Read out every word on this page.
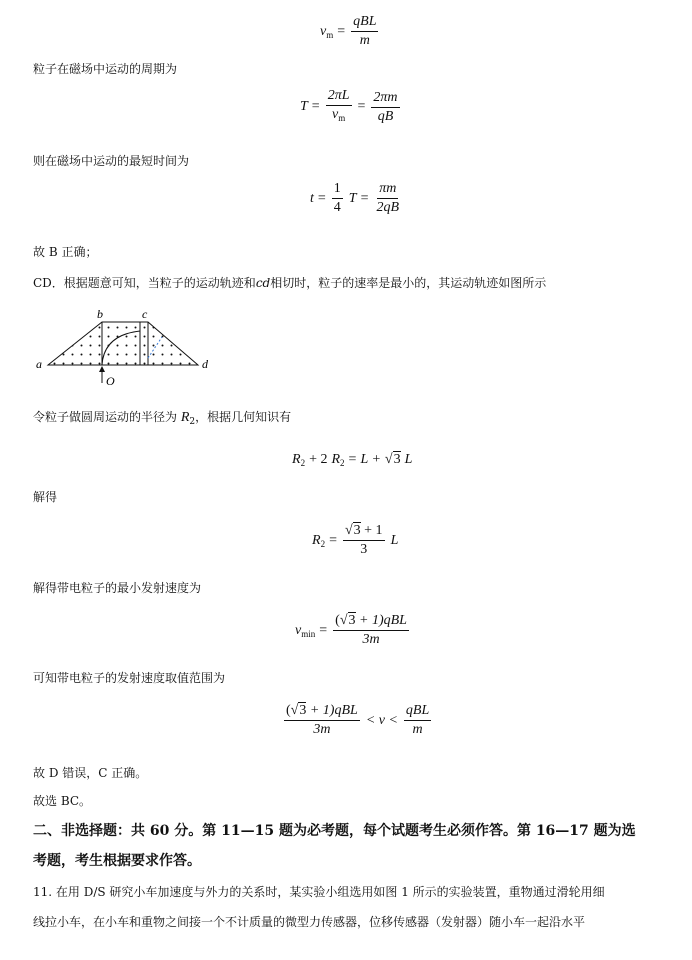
$v_m = \frac{\text{qBL}}{m}$
粒子在磁场中运动的周期为
$T = \frac{2\pi L}{v_m} = \frac{2\pi m}{qB}$
则在磁场中运动的最短时间为
$t = \frac{1}{4}$ $T = \frac{\pi m}{2qB}$
故 B 正确；
CD．根据题意可知，当粒子的运动轨迹和cd相切时，粒子的速率是最小的，其运动轨迹如图所示
a
b	c
d
O
令粒子做圆周运动的半径为 $R_2$，根据几何知识有
$R_2 + 2$ $R_2 = L + √3$ L
解得
$R_2 = \frac{√3 + 1}{3}$ L
解得带电粒子的最小发射速度为
$v_{min} = \frac{\text{(√3 + 1)qBL}}{3m}$
可知带电粒子的发射速度取值范围为
$\frac{\text{(√3 + 1)qBL}}{3m} < v < \frac{\text{qBL}}{m}$
故 D 错误，C 正确。
故选 BC。
二、非选择题：共 60 分。第 11—15 题为必考题，每个试题考生必须作答。第 16—17 题为选
考题，考生根据要求作答。
11. 在用 D/S 研究小车加速度与外力的关系时，某实验小组选用如图 1 所示的实验装置，重物通过滑轮用细
线拉小车，在小车和重物之间接一个不计质量的微型力传感器，位移传感器（发射器）随小车一起沿水平
